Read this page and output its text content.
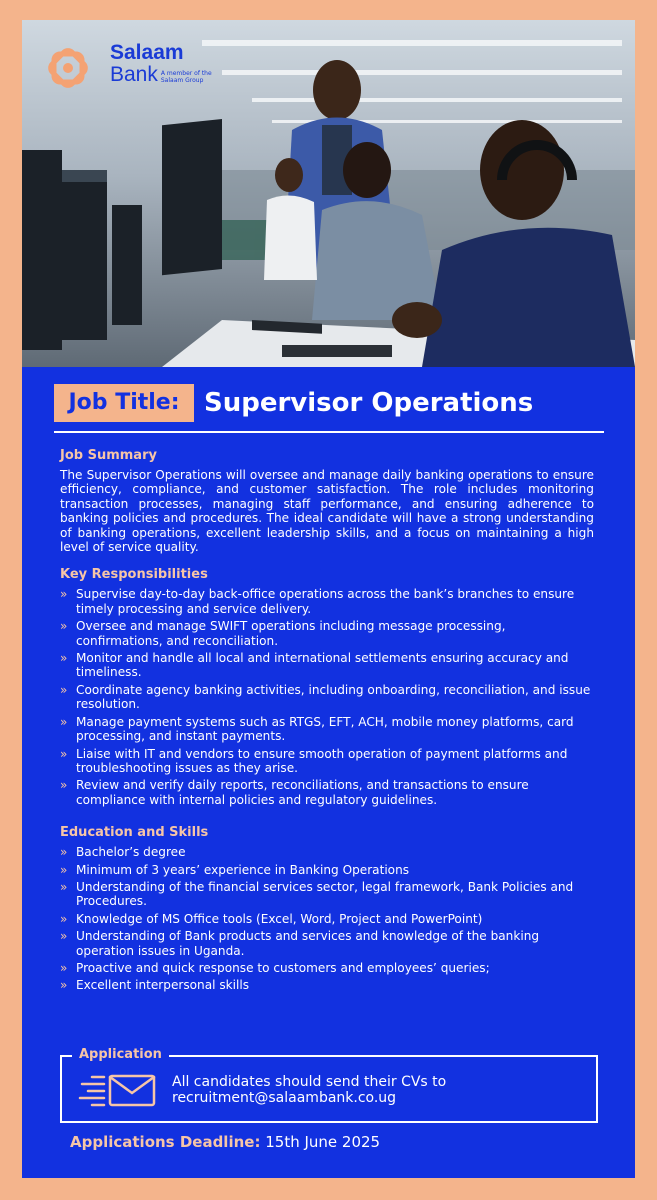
Salaam
Bank A member of the Salaam Group
Job Title: Supervisor Operations
Job Summary

The Supervisor Operations will oversee and manage daily banking operations to ensure efficiency, compliance, and customer satisfaction. The role includes monitoring transaction processes, managing staff performance, and ensuring adherence to banking policies and procedures. The ideal candidate will have a strong understanding of banking operations, excellent leadership skills, and a focus on maintaining a high level of service quality.

Key Responsibilities
» Supervise day-to-day back-office operations across the bank’s branches to ensure timely processing and service delivery.
» Oversee and manage SWIFT operations including message processing, confirmations, and reconciliation.
» Monitor and handle all local and international settlements ensuring accuracy and timeliness.
» Coordinate agency banking activities, including onboarding, reconciliation, and issue resolution.
» Manage payment systems such as RTGS, EFT, ACH, mobile money platforms, card processing, and instant payments.
» Liaise with IT and vendors to ensure smooth operation of payment platforms and troubleshooting issues as they arise.
» Review and verify daily reports, reconciliations, and transactions to ensure compliance with internal policies and regulatory guidelines.
Education and Skills
» Bachelor’s degree
» Minimum of 3 years’ experience in Banking Operations
» Understanding of the financial services sector, legal framework, Bank Policies and Procedures.
» Knowledge of MS Office tools (Excel, Word, Project and PowerPoint)
» Understanding of Bank products and services and knowledge of the banking operation issues in Uganda.
» Proactive and quick response to customers and employees’ queries;
» Excellent interpersonal skills
Application
All candidates should send their CVs to
recruitment@salaambank.co.ug
Applications Deadline: 15th June 2025
